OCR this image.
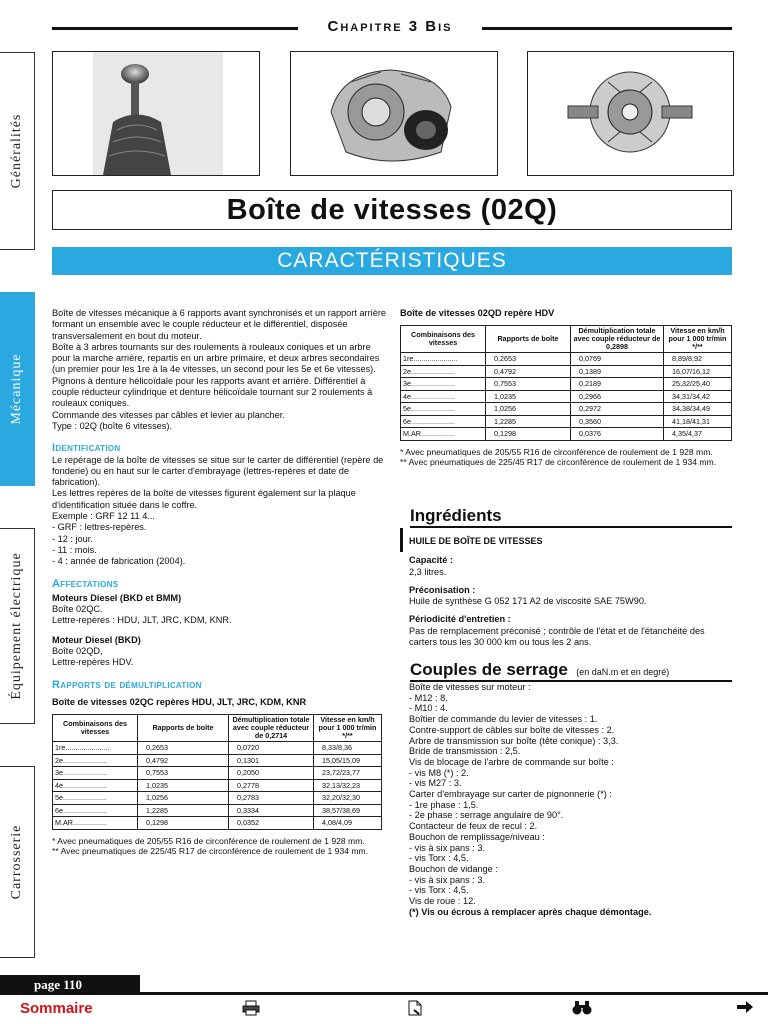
Chapitre 3 Bis
Généralités
Mécanique
Équipement électrique
Carrosserie
Boîte de vitesses (02Q)
CARACTÉRISTIQUES

Boîte de vitesses mécanique à 6 rapports avant synchronisés et un rapport arrière formant un ensemble avec le couple réducteur et le différentiel, disposée transversalement en bout du moteur.

Boîte à 3 arbres tournants sur des roulements à rouleaux coniques et un arbre pour la marche arrière, repartis en un arbre primaire, et deux arbres secondaires (un premier pour les 1re à la 4e vitesses, un second pour les 5e et 6e vitesses).

Pignons à denture hélicoïdale pour les rapports avant et arrière. Différentiel à couple réducteur cylindrique et denture hélicoïdale tournant sur 2 roulements à rouleaux coniques.

Commande des vitesses par câbles et levier au plancher.

Type : 02Q (boîte 6 vitesses).

Identification

Le repérage de la boîte de vitesses se situe sur le carter de différentiel (repère de fonderie) ou en haut sur le carter d'embrayage (lettres-repères et date de fabrication).

Les lettres repères de la boîte de vitesses figurent également sur la plaque d'identification située dans le coffre.

Exemple : GRF 12 11 4...

- GRF : lettres-repères.

- 12 : jour.

- 11 : mois.

- 4 : année de fabrication (2004).

Affectations

Moteurs Diesel (BKD et BMM)

Boîte 02QC.

Lettre-repères : HDU, JLT, JRC, KDM, KNR.

Moteur Diesel (BKD)

Boîte 02QD,

Lettre-repères HDV.

Rapports de démultiplication

Boîte de vitesses 02QC repères HDU, JLT, JRC, KDM, KNR

Combinaisons des vitesses	Rapports de boîte	Démultiplication totale avec couple réducteur de 0,2714	Vitesse en km/h pour 1 000 tr/min */**
1re......................	0,2653	0,0720	8,33/8,36
2e......................	0,4792	0,1301	15,05/15,09
3e......................	0,7553	0,2050	23,72/23,77
4e......................	1,0235	0,2778	32,13/32,23
5e......................	1,0256	0,2783	32,20/32,30
6e......................	1,2285	0,3334	38,57/38,69
M.AR.................	0,1298	0,0352	4,08/4,09

* Avec pneumatiques de 205/55 R16 de circonférence de roulement de 1 928 mm.

** Avec pneumatiques de 225/45 R17 de circonférence de roulement de 1 934 mm.

Boîte de vitesses 02QD repère HDV

Combinaisons des vitesses	Rapports de boîte	Démultiplication totale avec couple réducteur de 0,2898	Vitesse en km/h pour 1 000 tr/min */**
1re......................	0,2653	0,0769	8,89/8,92
2e......................	0,4792	0,1389	16,07/16,12
3e......................	0,7553	0,2189	25,32/25,40
4e......................	1,0235	0,2966	34,31/34,42
5e......................	1,0256	0,2972	34,38/34,49
6e......................	1,2285	0,3560	41,18/41,31
M.AR.................	0,1298	0,0376	4,35/4,37

* Avec pneumatiques de 205/55 R16 de circonférence de roulement de 1 928 mm.

** Avec pneumatiques de 225/45 R17 de circonférence de roulement de 1 934 mm.

Ingrédients

HUILE DE BOÎTE DE VITESSES

Capacité :

2,3 litres.

Préconisation :

Huile de synthèse G 052 171 A2 de viscosité SAE 75W90.

Périodicité d'entretien :

Pas de remplacement préconisé ; contrôle de l'état et de l'étanchéité des carters tous les 30 000 km ou tous les 2 ans.

Couples de serrage (en daN.m et en degré)

Boîte de vitesses sur moteur :

- M12 : 8.

- M10 : 4.

Boîtier de commande du levier de vitesses : 1.

Contre-support de câbles sur boîte de vitesses : 2.

Arbre de transmission sur boîte (tête conique) : 3,3.

Bride de transmission : 2,5.

Vis de blocage de l'arbre de commande sur boîte :

- vis M8 (*) : 2.

- vis M27 : 3.

Carter d'embrayage sur carter de pignonnerie (*) :

- 1re phase : 1,5.

- 2e phase : serrage angulaire de 90°.

Contacteur de feux de recul : 2.

Bouchon de remplissage/niveau :

- vis à six pans : 3.

- vis Torx : 4,5.

Bouchon de vidange :

- vis à six pans : 3.

- vis Torx : 4,5.

Vis de roue : 12.

(*) Vis ou écrous à remplacer après chaque démontage.

page 110
Sommaire
